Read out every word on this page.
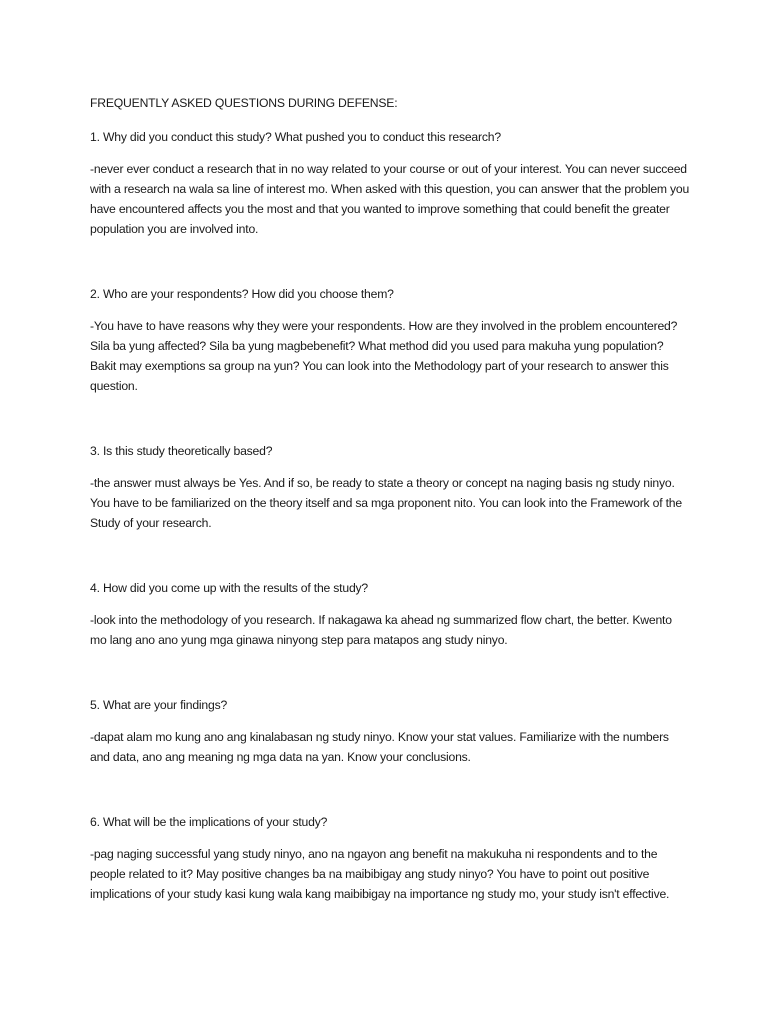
FREQUENTLY ASKED QUESTIONS DURING DEFENSE:

1. Why did you conduct this study? What pushed you to conduct this research?

-never ever conduct a research that in no way related to your course or out of your interest. You can never succeed with a research na wala sa line of interest mo. When asked with this question, you can answer that the problem you have encountered affects you the most and that you wanted to improve something that could benefit the greater population you are involved into.

2. Who are your respondents? How did you choose them?

-You have to have reasons why they were your respondents. How are they involved in the problem encountered? Sila ba yung affected? Sila ba yung magbebenefit? What method did you used para makuha yung population? Bakit may exemptions sa group na yun? You can look into the Methodology part of your research to answer this question.

3. Is this study theoretically based?

-the answer must always be Yes. And if so, be ready to state a theory or concept na naging basis ng study ninyo. You have to be familiarized on the theory itself and sa mga proponent nito. You can look into the Framework of the Study of your research.

4. How did you come up with the results of the study?

-look into the methodology of you research. If nakagawa ka ahead ng summarized flow chart, the better. Kwento mo lang ano ano yung mga ginawa ninyong step para matapos ang study ninyo.

5. What are your findings?

-dapat alam mo kung ano ang kinalabasan ng study ninyo. Know your stat values. Familiarize with the numbers and data, ano ang meaning ng mga data na yan. Know your conclusions.

6. What will be the implications of your study?

-pag naging successful yang study ninyo, ano na ngayon ang benefit na makukuha ni respondents and to the people related to it? May positive changes ba na maibibigay ang study ninyo? You have to point out positive implications of your study kasi kung wala kang maibibigay na importance ng study mo, your study isn't effective.
